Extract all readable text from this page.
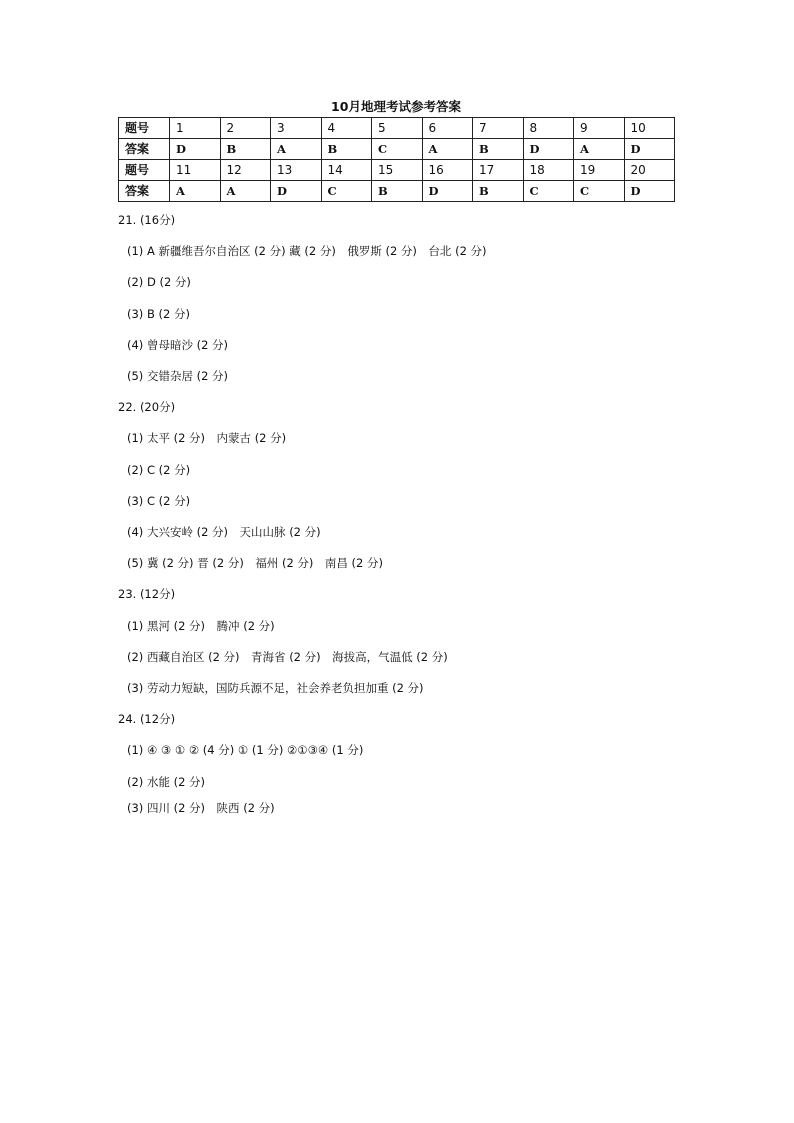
10月地理考试参考答案
题号	1	2	3	4	5	6	7	8	9	10
答案	D	B	A	B	C	A	B	D	A	D
题号	11	12	13	14	15	16	17	18	19	20
答案	A	A	D	C	B	D	B	C	C	D
21. (16分)
(1) A 新疆维吾尔自治区 (2 分) 藏 (2 分)　俄罗斯 (2 分)　台北 (2 分)
(2) D (2 分)
(3) B (2 分)
(4) 曾母暗沙 (2 分)
(5) 交错杂居 (2 分)
22. (20分)
(1) 太平 (2 分)　内蒙古 (2 分)
(2) C (2 分)
(3) C (2 分)
(4) 大兴安岭 (2 分)　天山山脉 (2 分)
(5) 冀 (2 分) 晋 (2 分)　福州 (2 分)　南昌 (2 分)
23. (12分)
(1) 黑河 (2 分)　腾冲 (2 分)
(2) 西藏自治区 (2 分)　青海省 (2 分)　海拔高，气温低 (2 分)
(3) 劳动力短缺，国防兵源不足，社会养老负担加重 (2 分)
24. (12分)
(1) ④ ③ ① ② (4 分) ① (1 分) ②①③④ (1 分)
(2) 水能 (2 分)
(3) 四川 (2 分)　陕西 (2 分)
